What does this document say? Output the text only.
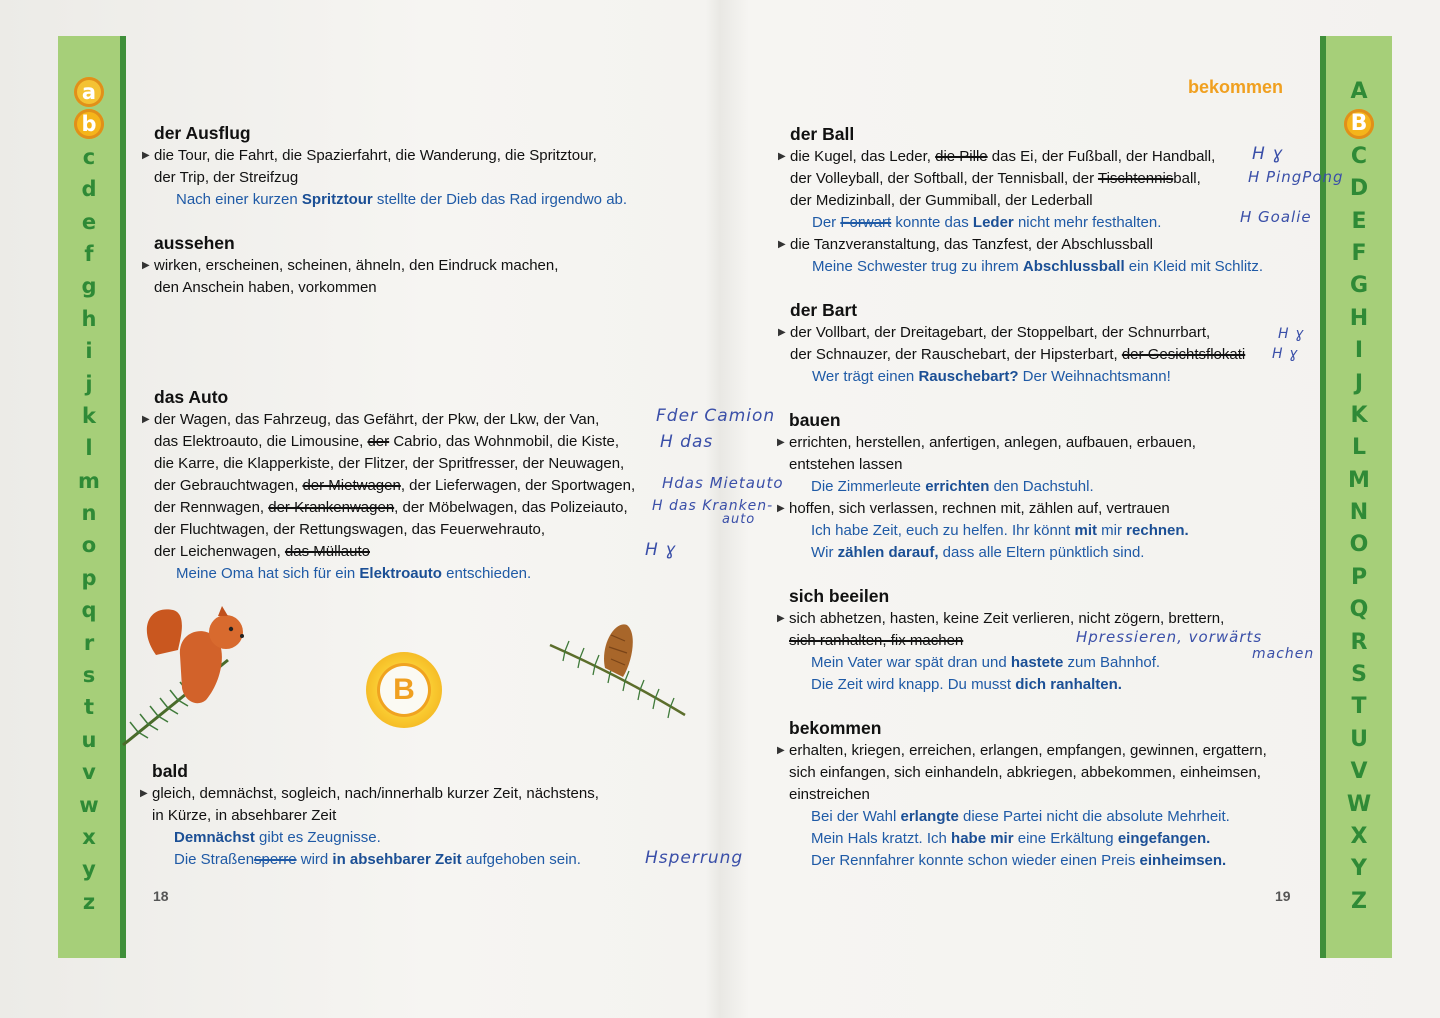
a
b
c
d
e
f
g
h
i
j
k
l
m
n
o
p
q
r
s
t
u
v
w
x
y
z	18
A
B
C
D
E
F
G
H
I
J
K
L
M
N
O
P
Q
R
S
T
U
V
W
X
Y
Z
19
bekommen
der Ausflug
▶ die Tour, die Fahrt, die Spazierfahrt, die Wanderung, die Spritztour,
der Trip, der Streifzug
Nach einer kurzen Spritztour stellte der Dieb das Rad irgendwo ab.
aussehen
▶ wirken, erscheinen, scheinen, ähneln, den Eindruck machen,
den Anschein haben, vorkommen
das Auto
▶ der Wagen, das Fahrzeug, das Gefährt, der Pkw, der Lkw, der Van,
das Elektroauto, die Limousine, der Cabrio, das Wohnmobil, die Kiste,
die Karre, die Klapperkiste, der Flitzer, der Spritfresser, der Neuwagen,
der Gebrauchtwagen, der Mietwagen, der Lieferwagen, der Sportwagen,
der Rennwagen, der Krankenwagen, der Möbelwagen, das Polizeiauto,
der Fluchtwagen, der Rettungswagen, das Feuerwehrauto,
der Leichenwagen, das Müllauto
Meine Oma hat sich für ein Elektroauto entschieden.
B
bald
▶ gleich, demnächst, sogleich, nach/innerhalb kurzer Zeit, nächstens,
in Kürze, in absehbarer Zeit
Demnächst gibt es Zeugnisse.
Die Straßensperre wird in absehbarer Zeit aufgehoben sein.
der Ball
▶ die Kugel, das Leder, die Pille das Ei, der Fußball, der Handball,
der Volleyball, der Softball, der Tennisball, der Tischtennisball,
der Medizinball, der Gummiball, der Lederball
Der Forwart konnte das Leder nicht mehr festhalten.
▶ die Tanzveranstaltung, das Tanzfest, der Abschlussball
Meine Schwester trug zu ihrem Abschlussball ein Kleid mit Schlitz.
der Bart
▶ der Vollbart, der Dreitagebart, der Stoppelbart, der Schnurrbart,
der Schnauzer, der Rauschebart, der Hipsterbart, der Gesichtsflokati
Wer trägt einen Rauschebart? Der Weihnachtsmann!
bauen
▶ errichten, herstellen, anfertigen, anlegen, aufbauen, erbauen,
entstehen lassen
Die Zimmerleute errichten den Dachstuhl.
▶ hoffen, sich verlassen, rechnen mit, zählen auf, vertrauen
Ich habe Zeit, euch zu helfen. Ihr könnt mit mir rechnen.
Wir zählen darauf, dass alle Eltern pünktlich sind.
sich beeilen
▶ sich abhetzen, hasten, keine Zeit verlieren, nicht zögern, brettern,
sich ranhalten, fix machen
Mein Vater war spät dran und hastete zum Bahnhof.
Die Zeit wird knapp. Du musst dich ranhalten.
bekommen
▶ erhalten, kriegen, erreichen, erlangen, empfangen, gewinnen, ergattern,
sich einfangen, sich einhandeln, abkriegen, abbekommen, einheimsen,
einstreichen
Bei der Wahl erlangte diese Partei nicht die absolute Mehrheit.
Mein Hals kratzt. Ich habe mir eine Erkältung eingefangen.
Der Rennfahrer konnte schon wieder einen Preis einheimsen.
Fder Camion
H das
Hdas Mietauto
H das Kranken-
auto
H ɣ
Hsperrung
H ɣ
H PingPong
H Goalie
H ɣ
H ɣ
Hpressieren, vorwärts
machen
